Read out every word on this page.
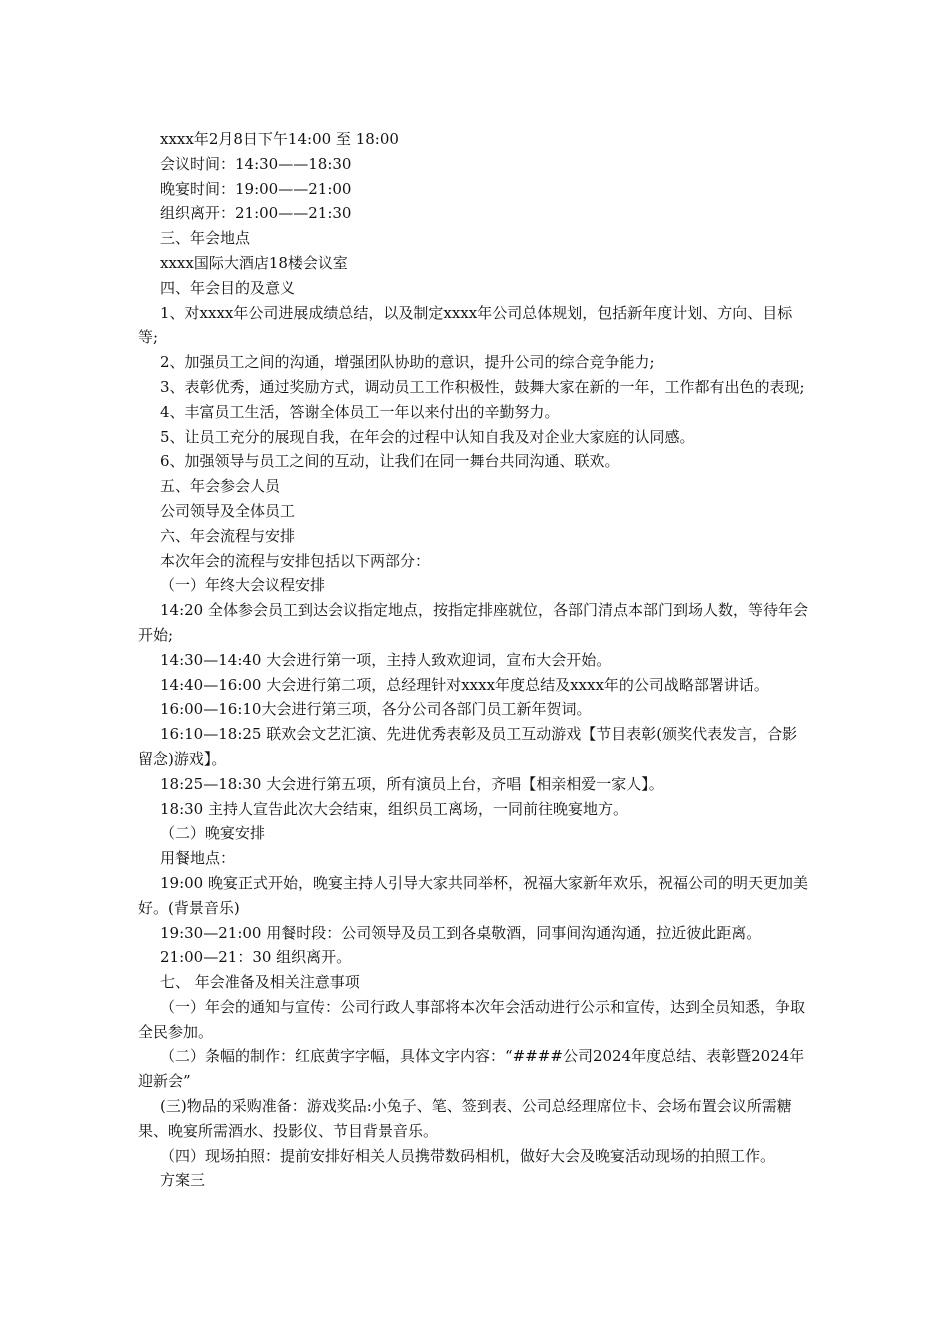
xxxx年2月8日下午14:00 至 18:00

会议时间：14:30——18:30

晚宴时间：19:00——21:00

组织离开：21:00——21:30

三、年会地点

xxxx国际大酒店18楼会议室

四、年会目的及意义

1、对xxxx年公司进展成绩总结，以及制定xxxx年公司总体规划，包括新年度计划、方向、目标等;

2、加强员工之间的沟通，增强团队协助的意识，提升公司的综合竞争能力;

3、表彰优秀，通过奖励方式，调动员工工作积极性，鼓舞大家在新的一年，工作都有出色的表现;

4、丰富员工生活，答谢全体员工一年以来付出的辛勤努力。

5、让员工充分的展现自我，在年会的过程中认知自我及对企业大家庭的认同感。

6、加强领导与员工之间的互动，让我们在同一舞台共同沟通、联欢。

五、年会参会人员

公司领导及全体员工

六、年会流程与安排

本次年会的流程与安排包括以下两部分：

（一）年终大会议程安排

14:20 全体参会员工到达会议指定地点，按指定排座就位，各部门清点本部门到场人数，等待年会开始;

14:30—14:40 大会进行第一项，主持人致欢迎词，宣布大会开始。

14:40—16:00 大会进行第二项，总经理针对xxxx年度总结及xxxx年的公司战略部署讲话。

16:00—16:10大会进行第三项，各分公司各部门员工新年贺词。

16:10—18:25 联欢会文艺汇演、先进优秀表彰及员工互动游戏【节目表彰(颁奖代表发言，合影留念)游戏】。

18:25—18:30 大会进行第五项，所有演员上台，齐唱【相亲相爱一家人】。

18:30 主持人宣告此次大会结束，组织员工离场，一同前往晚宴地方。

（二）晚宴安排

用餐地点：

19:00 晚宴正式开始，晚宴主持人引导大家共同举杯，祝福大家新年欢乐，祝福公司的明天更加美好。(背景音乐)

19:30—21:00 用餐时段：公司领导及员工到各桌敬酒，同事间沟通沟通，拉近彼此距离。

21:00—21：30 组织离开。

七、 年会准备及相关注意事项

（一）年会的通知与宣传：公司行政人事部将本次年会活动进行公示和宣传，达到全员知悉，争取全民参加。

（二）条幅的制作：红底黄字字幅，具体文字内容：“####公司2024年度总结、表彰暨2024年迎新会”

(三)物品的采购准备：游戏奖品:小兔子、笔、签到表、公司总经理席位卡、会场布置会议所需糖果、晚宴所需酒水、投影仪、节目背景音乐。

（四）现场拍照：提前安排好相关人员携带数码相机，做好大会及晚宴活动现场的拍照工作。

方案三
